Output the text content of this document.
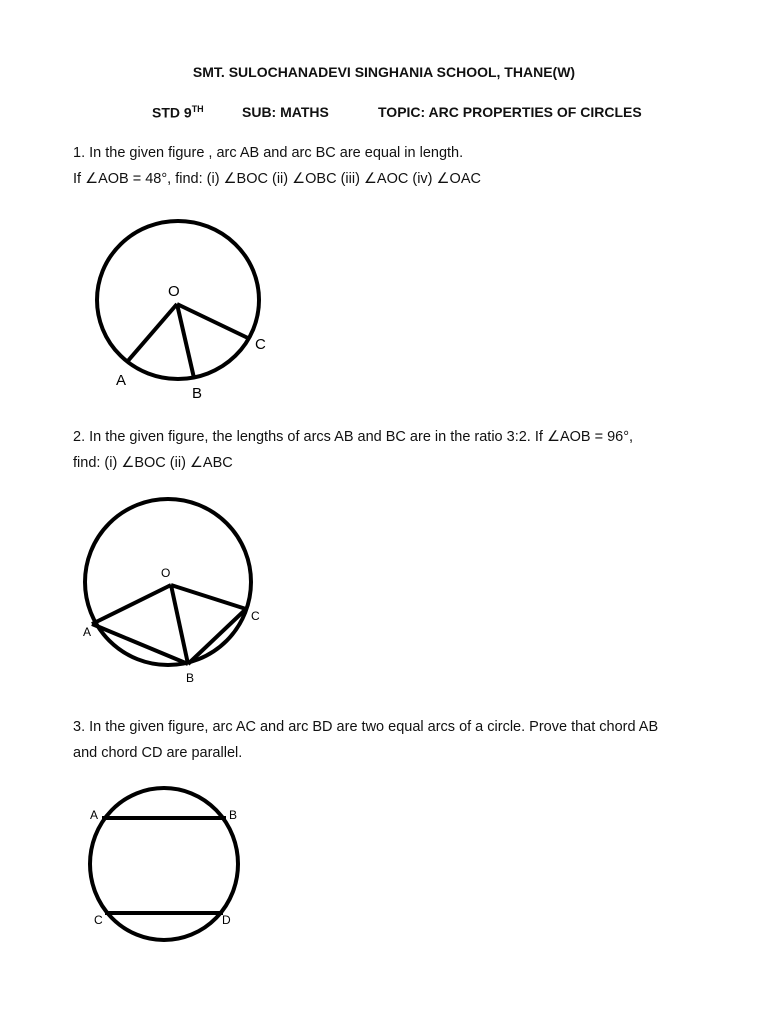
SMT. SULOCHANADEVI SINGHANIA SCHOOL, THANE(W)
STD 9TH	SUB: MATHS	TOPIC: ARC PROPERTIES OF CIRCLES
1. In the given figure , arc AB and arc BC are equal in length.
If ∠AOB = 48°, find: (i) ∠BOC (ii) ∠OBC (iii) ∠AOC (iv) ∠OAC
O
A
B
C
2. In the given figure, the lengths of arcs AB and BC are in the ratio 3:2. If ∠AOB = 96°,
find: (i) ∠BOC (ii) ∠ABC
O
A
B
C
3. In the given figure, arc AC and arc BD are two equal arcs of a circle. Prove that chord AB
and chord CD are parallel.
A	B
C	D
